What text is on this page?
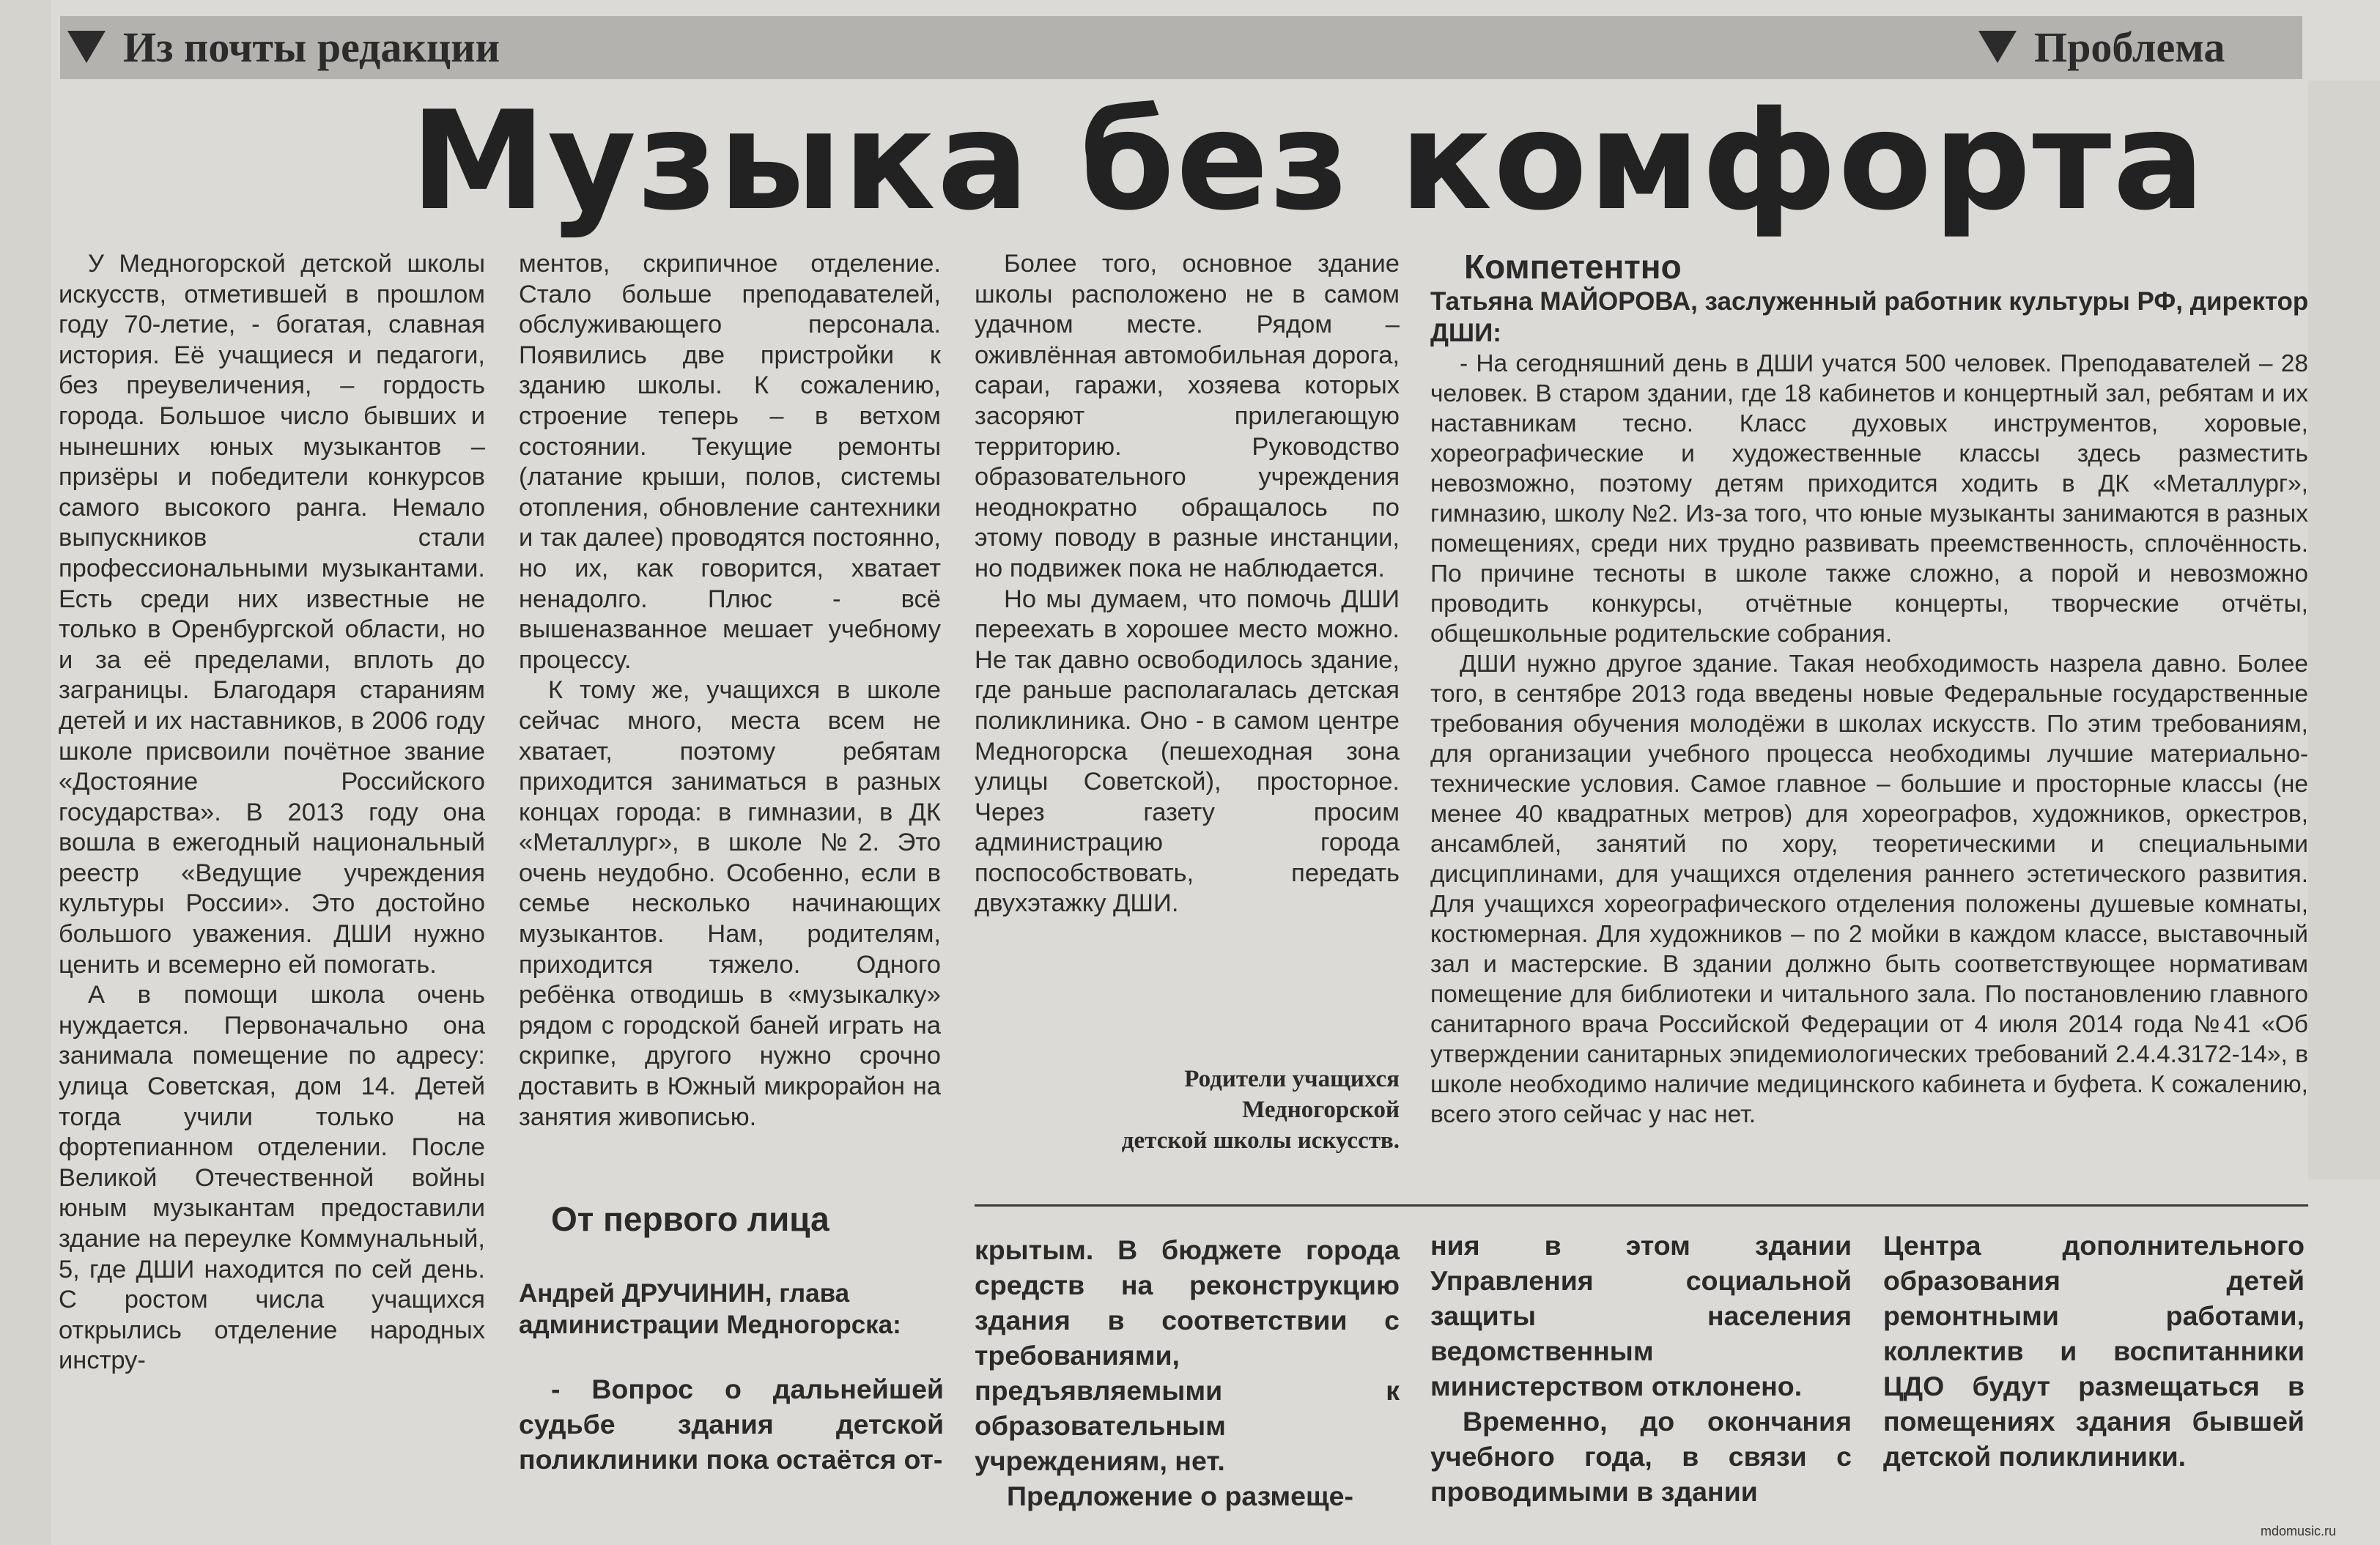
Из почты редакции	Проблема
Музыка без комфорта

У Медногорской детской школы искусств, отметившей в прошлом году 70-летие, - богатая, славная история. Её учащиеся и педагоги, без преувеличения, – гордость города. Большое число бывших и нынешних юных музыкантов – призёры и победители конкурсов самого высокого ранга. Немало выпускников стали профессиональными музыкантами. Есть среди них известные не только в Оренбургской области, но и за её пределами, вплоть до заграницы. Благодаря стараниям детей и их наставников, в 2006 году школе присвоили почётное звание «Достояние Российского государства». В 2013 году она вошла в ежегодный национальный реестр «Ведущие учреждения культуры России». Это достойно большого уважения. ДШИ нужно ценить и всемерно ей помогать.

А в помощи школа очень нуждается. Первоначально она занимала помещение по адресу: улица Советская, дом 14. Детей тогда учили только на фортепианном отделении. После Великой Отечественной войны юным музыкантам предоставили здание на переулке Коммунальный, 5, где ДШИ находится по сей день. С ростом числа учащихся открылись отделение народных инстру-

ментов, скрипичное отделение. Стало больше преподавателей, обслуживающего персонала. Появились две пристройки к зданию школы. К сожалению, строение теперь – в ветхом состоянии. Текущие ремонты (латание крыши, полов, системы отопления, обновление сантехники и так далее) проводятся постоянно, но их, как говорится, хватает ненадолго. Плюс - всё вышеназванное мешает учебному процессу.

К тому же, учащихся в школе сейчас много, места всем не хватает, поэтому ребятам приходится заниматься в разных концах города: в гимназии, в ДК «Металлург», в школе №2. Это очень неудобно. Особенно, если в семье несколько начинающих музыкантов. Нам, родителям, приходится тяжело. Одного ребёнка отводишь в «музыкалку» рядом с городской баней играть на скрипке, другого нужно срочно доставить в Южный микрорайон на занятия живописью.

Более того, основное здание школы расположено не в самом удачном месте. Рядом – оживлённая автомобильная дорога, сараи, гаражи, хозяева которых засоряют прилегающую территорию. Руководство образовательного учреждения неоднократно обращалось по этому поводу в разные инстанции, но подвижек пока не наблюдается.

Но мы думаем, что помочь ДШИ переехать в хорошее место можно. Не так давно освободилось здание, где раньше располагалась детская поликлиника. Оно - в самом центре Медногорска (пешеходная зона улицы Советской), просторное. Через газету просим администрацию города поспособствовать, передать двухэтажку ДШИ.

Родители учащихся
Медногорской
детской школы искусств.
Компетентно
Татьяна МАЙОРОВА, заслуженный работник культуры РФ, директор ДШИ:

- На сегодняшний день в ДШИ учатся 500 человек. Преподавателей – 28 человек. В старом здании, где 18 кабинетов и концертный зал, ребятам и их наставникам тесно. Класс духовых инструментов, хоровые, хореографические и художественные классы здесь разместить невозможно, поэтому детям приходится ходить в ДК «Металлург», гимназию, школу №2. Из-за того, что юные музыканты занимаются в разных помещениях, среди них трудно развивать преемственность, сплочённость. По причине тесноты в школе также сложно, а порой и невозможно проводить конкурсы, отчётные концерты, творческие отчёты, общешкольные родительские собрания.

ДШИ нужно другое здание. Такая необходимость назрела давно. Более того, в сентябре 2013 года введены новые Федеральные государственные требования обучения молодёжи в школах искусств. По этим требованиям, для организации учебного процесса необходимы лучшие материально-технические условия. Самое главное – большие и просторные классы (не менее 40 квадратных метров) для хореографов, художников, оркестров, ансамблей, занятий по хору, теоретическими и специальными дисциплинами, для учащихся отделения раннего эстетического развития. Для учащихся хореографического отделения положены душевые комнаты, костюмерная. Для художников – по 2 мойки в каждом классе, выставочный зал и мастерские. В здании должно быть соответствующее нормативам помещение для библиотеки и читального зала. По постановлению главного санитарного врача Российской Федерации от 4 июля 2014 года №41 «Об утверждении санитарных эпидемиологических требований 2.4.4.3172-14», в школе необходимо наличие медицинского кабинета и буфета. К сожалению, всего этого сейчас у нас нет.

От первого лица
Андрей ДРУЧИНИН, глава администрации Медногорска:

- Вопрос о дальнейшей судьбе здания детской поликлиники пока остаётся от-

крытым. В бюджете города средств на реконструкцию здания в соответствии с требованиями, предъявляемыми к образовательным учреждениям, нет.

Предложение о размеще-

ния в этом здании Управления социальной защиты населения ведомственным министерством отклонено.

Временно, до окончания учебного года, в связи с проводимыми в здании

Центра дополнительного образования детей ремонтными работами, коллектив и воспитанники ЦДО будут размещаться в помещениях здания бывшей детской поликлиники.

mdomusic.ru
